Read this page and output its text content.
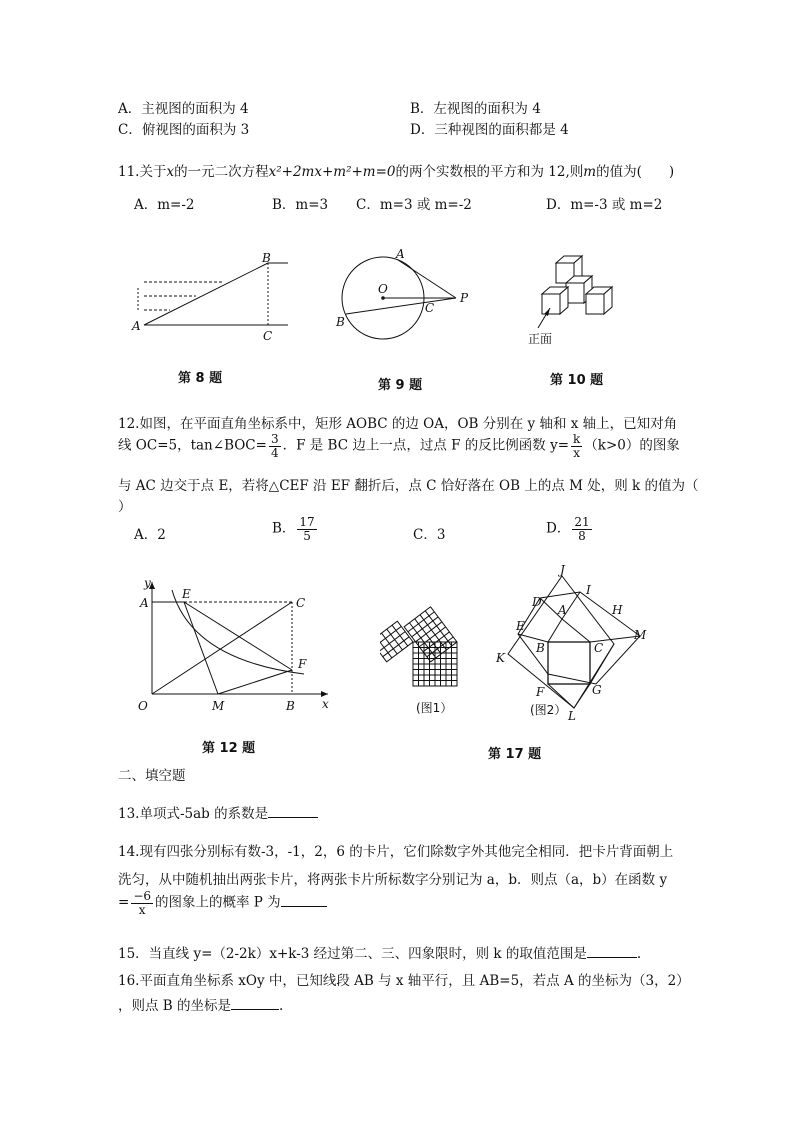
A．主视图的面积为 4	B．左视图的面积为 4
C．俯视图的面积为 3	D．三种视图的面积都是 4
11.关于x的一元二次方程x²+2mx+m²+m=0的两个实数根的平方和为 12,则m的值为(　　)
A．m=-2	B．m=3 C．m=3 或 m=-2	D．m=-3 或 m=2
A
B
C
第 8 题
A
O
P
B
C
第 9 题
正面
第 10 题
12.如图，在平面直角坐标系中，矩形 AOBC 的边 OA，OB 分别在 y 轴和 x 轴上，已知对角
线 OC=5，tan∠BOC= $\frac{3}{4}$ ．F 是 BC 边上一点，过点 F 的反比例函数 $y= \frac{k}{x} (k>0)$的图象
与 AC 边交于点 E，若将△CEF 沿 EF 翻折后，点 C 恰好落在 OB 上的点 M 处，则 k 的值为（
）
A．2	B． $\frac{17}{5}$	C．3	D． $\frac{21}{8}$
y
x
A
E
C
F
O	M	B
第 12 题
(图1）
J
I
D
A	H
E
M
K
B	C
F	G
L
(图2）
第 17 题
二、填空题
13.单项式-5ab 的系数是
14.现有四张分别标有数-3，-1，2，6 的卡片，它们除数字外其他完全相同．把卡片背面朝上
洗匀，从中随机抽出两张卡片，将两张卡片所标数字分别记为 a，b．则点（a，b）在函数 y
= $\frac{-6}{x}$ 的图象上的概率 P 为
15．当直线 y=（2-2k）x+k-3 经过第二、三、四象限时，则 k 的取值范围是	.
16.平面直角坐标系 xOy 中，已知线段 AB 与 x 轴平行，且 AB=5，若点 A 的坐标为（3，2）
，则点 B 的坐标是	.
